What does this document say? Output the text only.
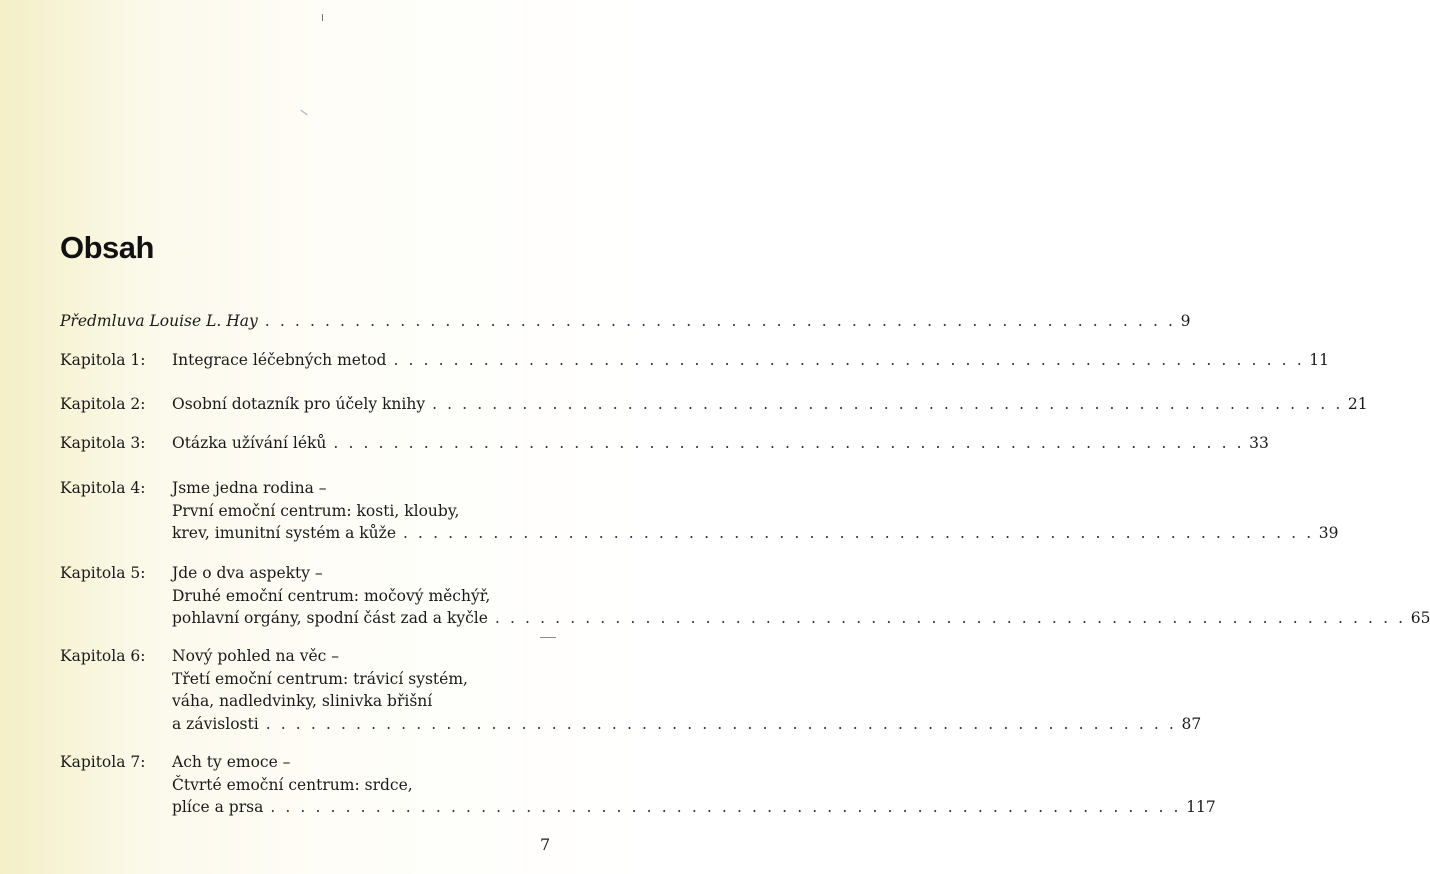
Obsah
Předmluva Louise L. Hay . . . . . . . . . . . . . . . . . . . . . . . . . . . . . . . . . . . . . . . . . . . . . . . . . . . . . . . . . . . . . 9
Kapitola 1: Integrace léčebných metod . . . . . . . . . . . . . . . . . . . . . . . . . . . . . . . . . . . . . . . . . . . . . . . . . . . . . . . . . . . . . 11
Kapitola 2: Osobní dotazník pro účely knihy . . . . . . . . . . . . . . . . . . . . . . . . . . . . . . . . . . . . . . . . . . . . . . . . . . . . . . . . . . . . . 21
Kapitola 3: Otázka užívání léků . . . . . . . . . . . . . . . . . . . . . . . . . . . . . . . . . . . . . . . . . . . . . . . . . . . . . . . . . . . . . 33
Kapitola 4: Jsme jedna rodina –
První emoční centrum: kosti, klouby,
krev, imunitní systém a kůže . . . . . . . . . . . . . . . . . . . . . . . . . . . . . . . . . . . . . . . . . . . . . . . . . . . . . . . . . . . . . 39
Kapitola 5: Jde o dva aspekty –
Druhé emoční centrum: močový měchýř,
pohlavní orgány, spodní část zad a kyčle . . . . . . . . . . . . . . . . . . . . . . . . . . . . . . . . . . . . . . . . . . . . . . . . . . . . . . . . . . . . . 65
Kapitola 6: Nový pohled na věc –
Třetí emoční centrum: trávicí systém,
váha, nadledvinky, slinivka břišní
a závislosti . . . . . . . . . . . . . . . . . . . . . . . . . . . . . . . . . . . . . . . . . . . . . . . . . . . . . . . . . . . . . 87
Kapitola 7: Ach ty emoce –
Čtvrté emoční centrum: srdce,
plíce a prsa . . . . . . . . . . . . . . . . . . . . . . . . . . . . . . . . . . . . . . . . . . . . . . . . . . . . . . . . . . . . . 117
7
